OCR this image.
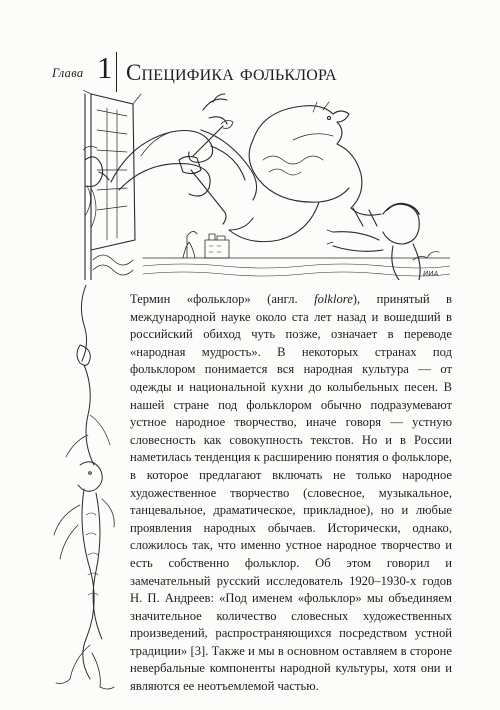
Глава 1 Специфика фольклора
ИИА

Термин «фольклор» (англ. folklore), принятый в международной науке около ста лет назад и вошедший в российский обиход чуть позже, означает в переводе «народная мудрость». В некоторых странах под фольклором понимается вся народная культура — от одежды и национальной кухни до колыбельных песен. В нашей стране под фольклором обычно подразумевают устное народное творчество, иначе говоря — устную словесность как совокупность текстов. Но и в России наметилась тенденция к расширению понятия о фольклоре, в которое предлагают включать не только народное художественное творчество (словесное, музыкальное, танцевальное, драматическое, прикладное), но и любые проявления народных обычаев. Исторически, однако, сложилось так, что именно устное народное творчество и есть собственно фольклор. Об этом говорил и замечательный русский исследователь 1920–1930-х годов Н. П. Андреев: «Под именем «фольклор» мы объединяем значительное количество словесных художественных произведений, распространяющихся посредством устной традиции» [3]. Также и мы в основном оставляем в стороне невербальные компоненты народной культуры, хотя они и являются ее неотъемлемой частью.
